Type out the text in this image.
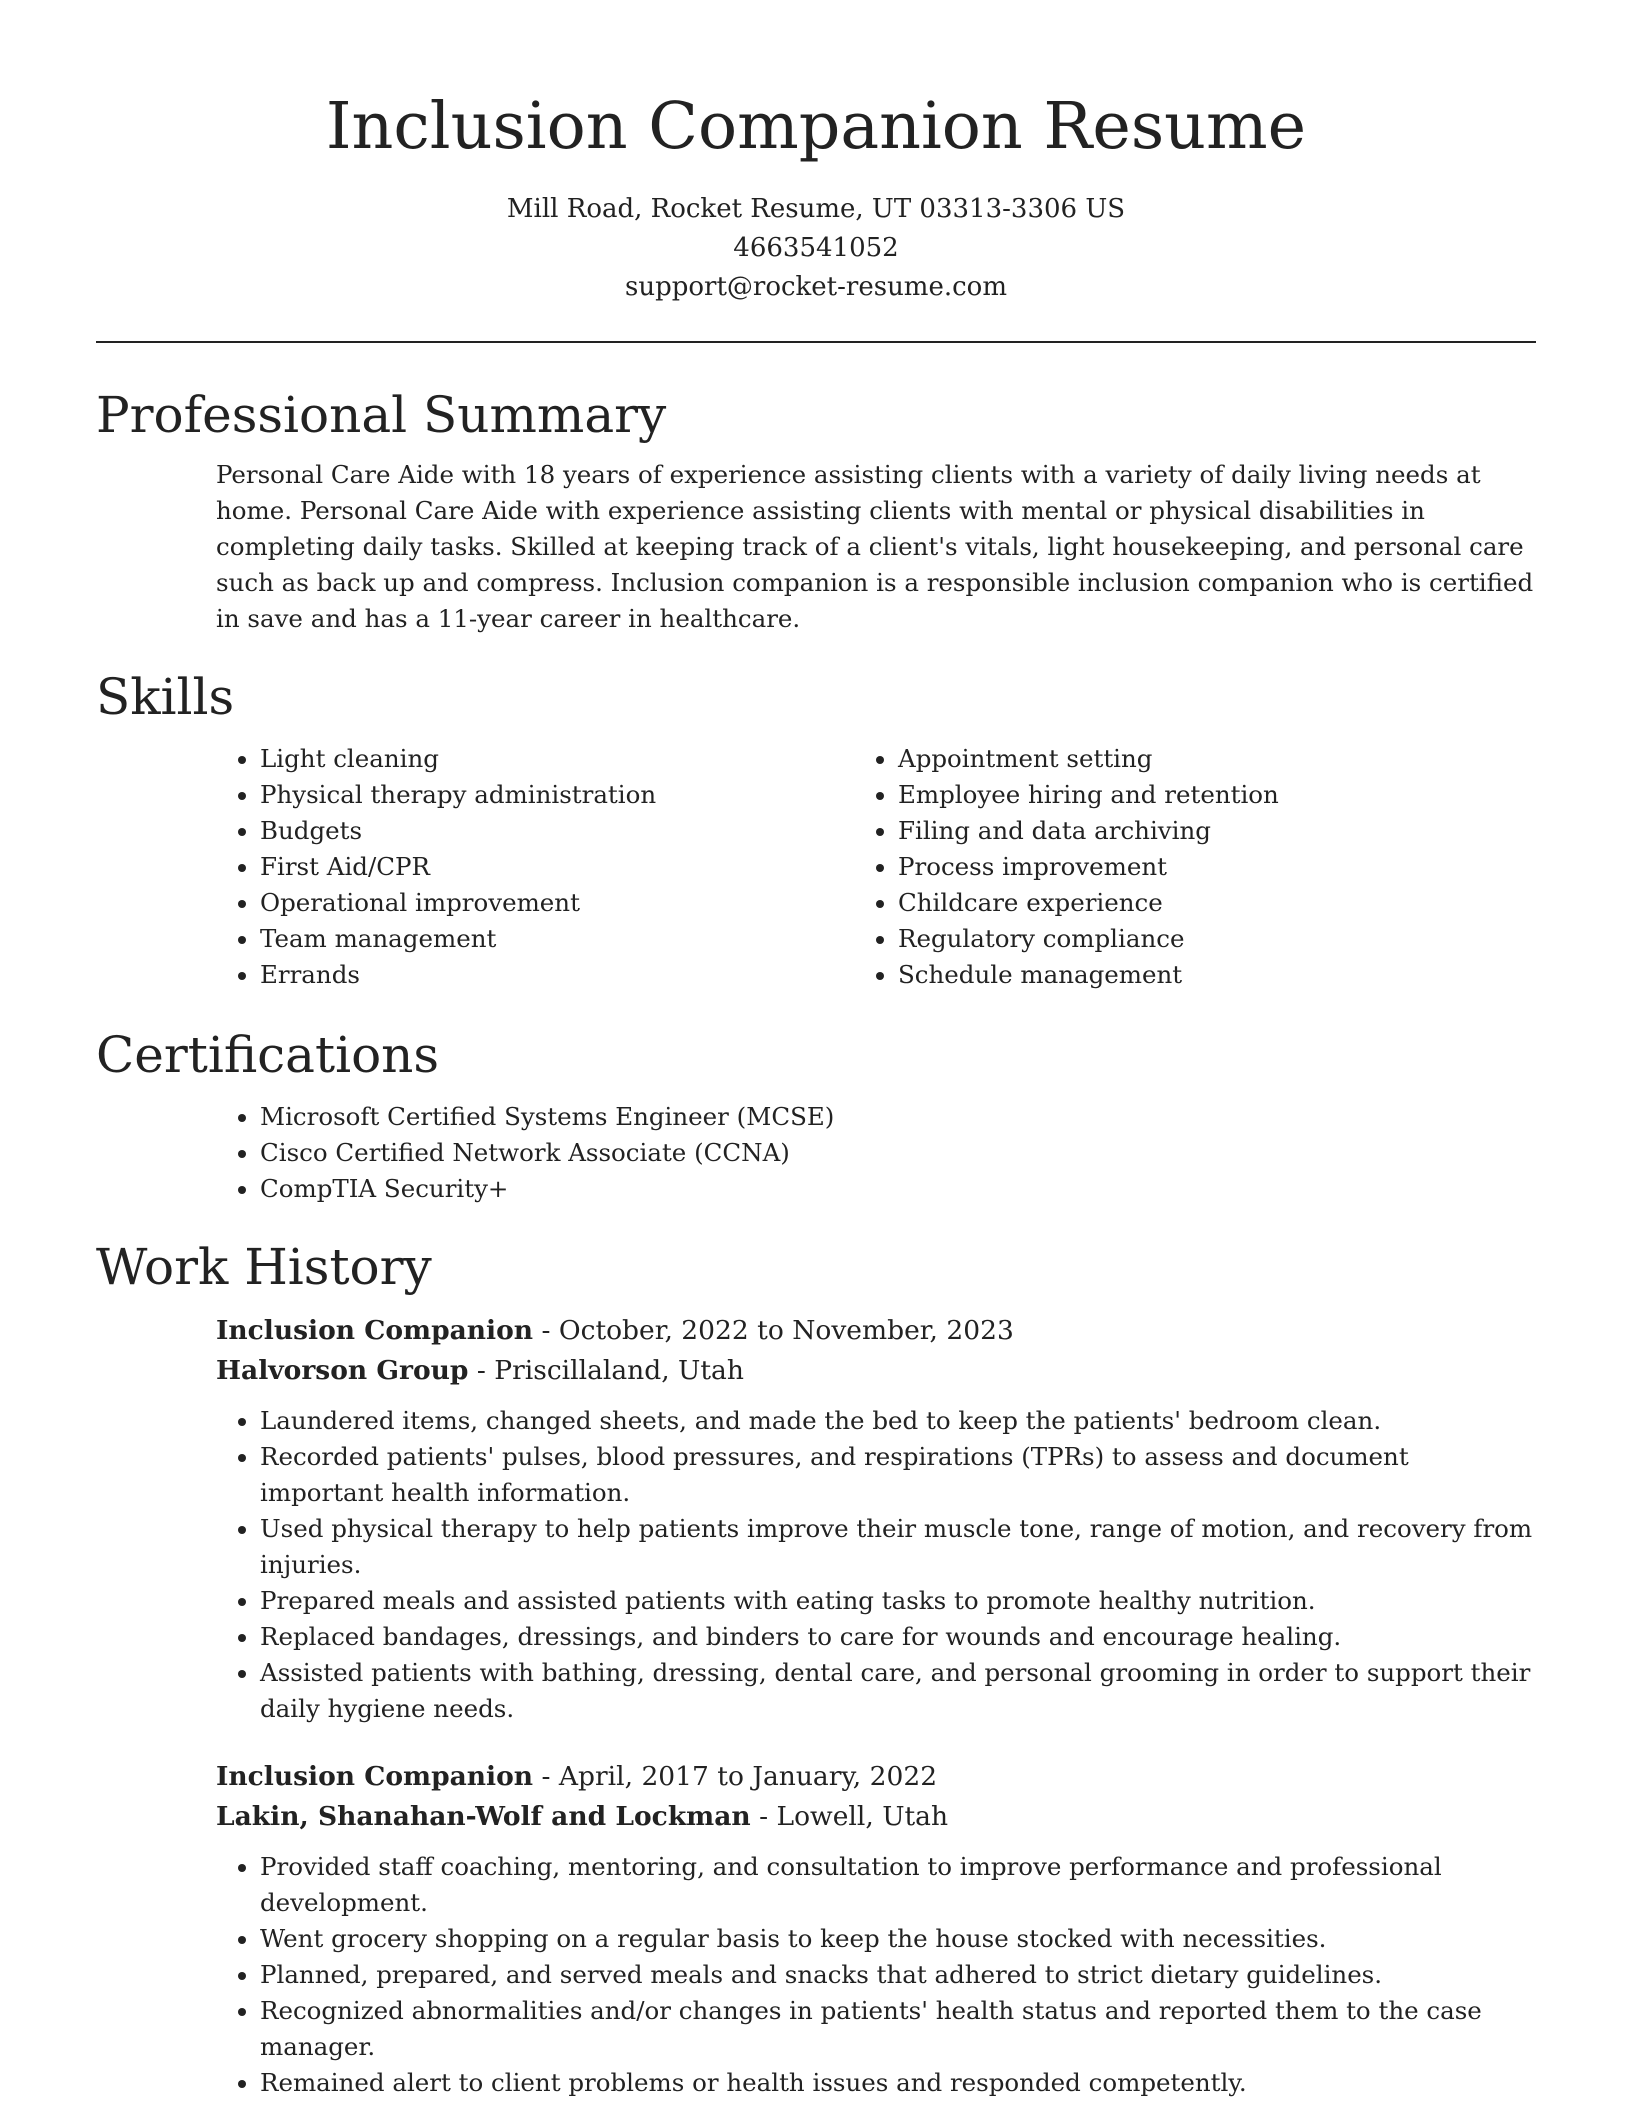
Inclusion Companion Resume
Mill Road, Rocket Resume, UT 03313-3306 US
4663541052
support@rocket-resume.com
Professional Summary
Personal Care Aide with 18 years of experience assisting clients with a variety of daily living needs at home. Personal Care Aide with experience assisting clients with mental or physical disabilities in completing daily tasks. Skilled at keeping track of a client's vitals, light housekeeping, and personal care such as back up and compress. Inclusion companion is a responsible inclusion companion who is certified in save and has a 11-year career in healthcare.
Skills
• Light cleaning
• Physical therapy administration
• Budgets
• First Aid/CPR
• Operational improvement
• Team management
• Errands
• Appointment setting
• Employee hiring and retention
• Filing and data archiving
• Process improvement
• Childcare experience
• Regulatory compliance
• Schedule management
Certifications
• Microsoft Certified Systems Engineer (MCSE)
• Cisco Certified Network Associate (CCNA)
• CompTIA Security+
Work History
Inclusion Companion - October, 2022 to November, 2023
Halvorson Group - Priscillaland, Utah
• Laundered items, changed sheets, and made the bed to keep the patients' bedroom clean.
• Recorded patients' pulses, blood pressures, and respirations (TPRs) to assess and document important health information.
• Used physical therapy to help patients improve their muscle tone, range of motion, and recovery from injuries.
• Prepared meals and assisted patients with eating tasks to promote healthy nutrition.
• Replaced bandages, dressings, and binders to care for wounds and encourage healing.
• Assisted patients with bathing, dressing, dental care, and personal grooming in order to support their daily hygiene needs.
Inclusion Companion - April, 2017 to January, 2022
Lakin, Shanahan-Wolf and Lockman - Lowell, Utah
• Provided staff coaching, mentoring, and consultation to improve performance and professional development.
• Went grocery shopping on a regular basis to keep the house stocked with necessities.
• Planned, prepared, and served meals and snacks that adhered to strict dietary guidelines.
• Recognized abnormalities and/or changes in patients' health status and reported them to the case manager.
• Remained alert to client problems or health issues and responded competently.
